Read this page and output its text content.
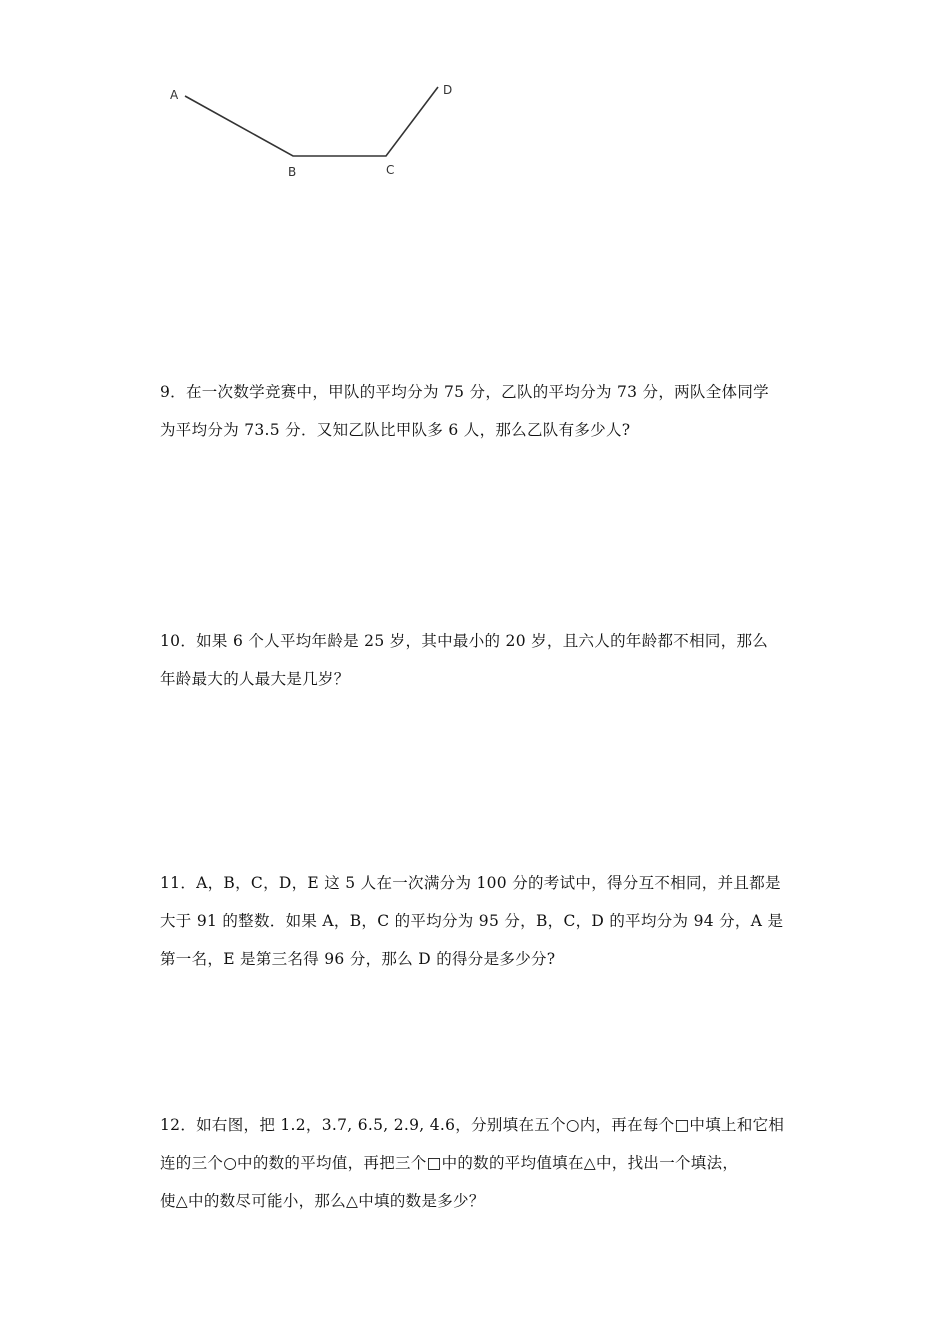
A
B	C
D

9．在一次数学竞赛中，甲队的平均分为 75 分，乙队的平均分为 73 分，两队全体同学

为平均分为 73.5 分．又知乙队比甲队多 6 人，那么乙队有多少人?

10．如果 6 个人平均年龄是 25 岁，其中最小的 20 岁，且六人的年龄都不相同，那么

年龄最大的人最大是几岁？

11．A，B，C，D，E 这 5 人在一次满分为 100 分的考试中，得分互不相同，并且都是

大于 91 的整数．如果 A，B，C 的平均分为 95 分，B，C，D 的平均分为 94 分，A 是

第一名，E 是第三名得 96 分，那么 D 的得分是多少分?

12．如右图，把 1.2，3.7, 6.5, 2.9, 4.6，分别填在五个○内，再在每个□中填上和它相

连的三个○中的数的平均值，再把三个□中的数的平均值填在△中，找出一个填法，

使△中的数尽可能小，那么△中填的数是多少？
